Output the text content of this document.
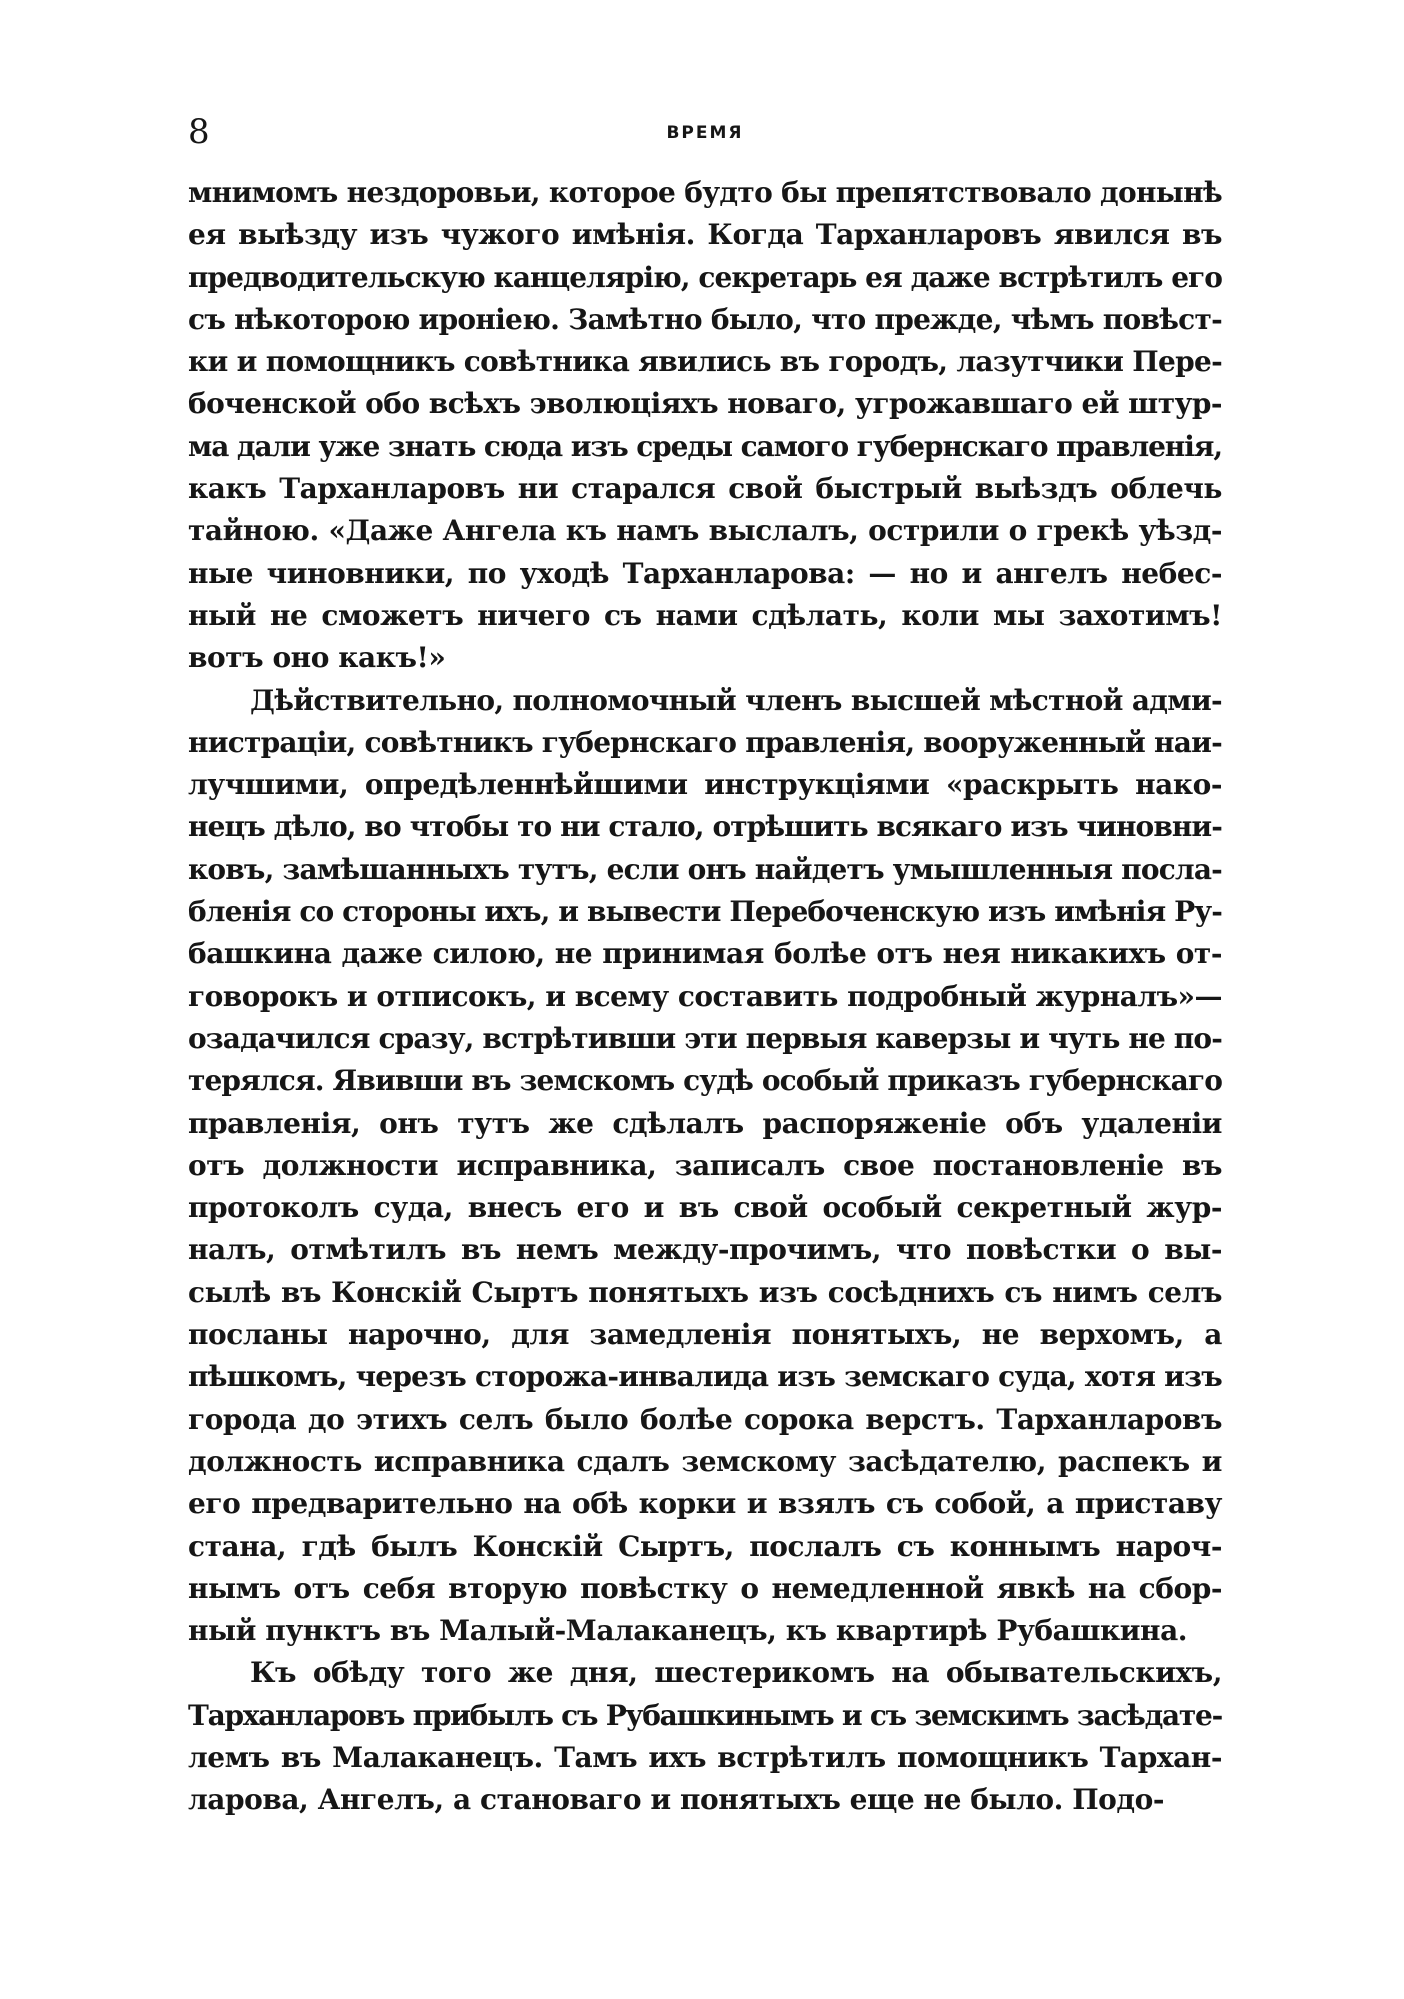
8	ВРЕМЯ
мнимомъ нездоровьи, которое будто бы препятствовало донынѣ
ея выѣзду изъ чужого имѣнія. Когда Тарханларовъ явился въ
предводительскую канцелярію, секретарь ея даже встрѣтилъ его
съ нѣкоторою ироніею. Замѣтно было, что прежде, чѣмъ повѣст-
ки и помощникъ совѣтника явились въ городъ, лазутчики Пере-
боченской обо всѣхъ эволюціяхъ новаго, угрожавшаго ей штур-
ма дали уже знать сюда изъ среды самого губернскаго правленія,
какъ Тарханларовъ ни старался свой быстрый выѣздъ облечь
тайною. «Даже Ангела къ намъ выслалъ, острили о грекѣ уѣзд-
ные чиновники, по уходѣ Тарханларова: — но и ангелъ небес-
ный не сможетъ ничего съ нами сдѣлать, коли мы захотимъ!
вотъ оно какъ!»
Дѣйствительно, полномочный членъ высшей мѣстной адми-
нистраціи, совѣтникъ губернскаго правленія, вооруженный наи-
лучшими, опредѣленнѣйшими инструкціями «раскрыть нако-
нецъ дѣло, во чтобы то ни стало, отрѣшить всякаго изъ чиновни-
ковъ, замѣшанныхъ тутъ, если онъ найдетъ умышленныя посла-
бленія со стороны ихъ, и вывести Перебоченскую изъ имѣнія Ру-
башкина даже силою, не принимая болѣе отъ нея никакихъ от-
говорокъ и отписокъ, и всему составить подробный журналъ»—
озадачился сразу, встрѣтивши эти первыя каверзы и чуть не по-
терялся. Явивши въ земскомъ судѣ особый приказъ губернскаго
правленія, онъ тутъ же сдѣлалъ распоряженіе объ удаленіи
отъ должности исправника, записалъ свое постановленіе въ
протоколъ суда, внесъ его и въ свой особый секретный жур-
налъ, отмѣтилъ въ немъ между-прочимъ, что повѣстки о вы-
сылѣ въ Конскій Сыртъ понятыхъ изъ сосѣднихъ съ нимъ селъ
посланы нарочно, для замедленія понятыхъ, не верхомъ, а
пѣшкомъ, черезъ сторожа-инвалида изъ земскаго суда, хотя изъ
города до этихъ селъ было болѣе сорока верстъ. Тарханларовъ
должность исправника сдалъ земскому засѣдателю, распекъ и
его предварительно на обѣ корки и взялъ съ собой, а приставу
стана, гдѣ былъ Конскій Сыртъ, послалъ съ коннымъ нароч-
нымъ отъ себя вторую повѣстку о немедленной явкѣ на сбор-
ный пунктъ въ Малый-Малаканецъ, къ квартирѣ Рубашкина.
Къ обѣду того же дня, шестерикомъ на обывательскихъ,
Тарханларовъ прибылъ съ Рубашкинымъ и съ земскимъ засѣдате-
лемъ въ Малаканецъ. Тамъ ихъ встрѣтилъ помощникъ Тархан-
ларова, Ангелъ, а становаго и понятыхъ еще не было. Подо-
